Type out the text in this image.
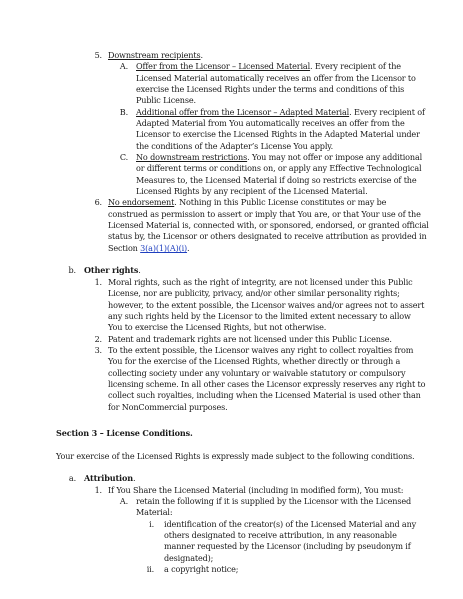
5. Downstream recipients.
A. Offer from the Licensor – Licensed Material. Every recipient of the
Licensed Material automatically receives an offer from the Licensor to
exercise the Licensed Rights under the terms and conditions of this
Public License.
B. Additional offer from the Licensor – Adapted Material. Every recipient of
Adapted Material from You automatically receives an offer from the
Licensor to exercise the Licensed Rights in the Adapted Material under
the conditions of the Adapter’s License You apply.
C. No downstream restrictions. You may not offer or impose any additional
or different terms or conditions on, or apply any Effective Technological
Measures to, the Licensed Material if doing so restricts exercise of the
Licensed Rights by any recipient of the Licensed Material.
6. No endorsement. Nothing in this Public License constitutes or may be
construed as permission to assert or imply that You are, or that Your use of the
Licensed Material is, connected with, or sponsored, endorsed, or granted official
status by, the Licensor or others designated to receive attribution as provided in
Section 3(a)(1)(A)(i).
b. Other rights.
1. Moral rights, such as the right of integrity, are not licensed under this Public
License, nor are publicity, privacy, and/or other similar personality rights;
however, to the extent possible, the Licensor waives and/or agrees not to assert
any such rights held by the Licensor to the limited extent necessary to allow
You to exercise the Licensed Rights, but not otherwise.
2. Patent and trademark rights are not licensed under this Public License.
3. To the extent possible, the Licensor waives any right to collect royalties from
You for the exercise of the Licensed Rights, whether directly or through a
collecting society under any voluntary or waivable statutory or compulsory
licensing scheme. In all other cases the Licensor expressly reserves any right to
collect such royalties, including when the Licensed Material is used other than
for NonCommercial purposes.
Section 3 – License Conditions.
Your exercise of the Licensed Rights is expressly made subject to the following conditions.
a. Attribution.
1. If You Share the Licensed Material (including in modified form), You must:
A. retain the following if it is supplied by the Licensor with the Licensed
Material:
i. identification of the creator(s) of the Licensed Material and any
others designated to receive attribution, in any reasonable
manner requested by the Licensor (including by pseudonym if
designated);
ii. a copyright notice;
